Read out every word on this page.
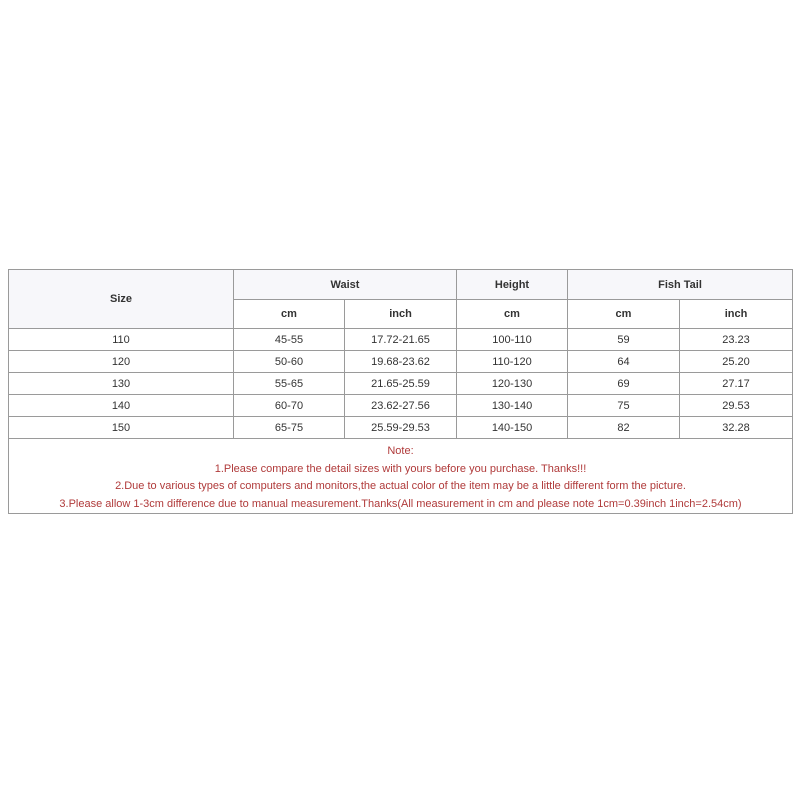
Size	Waist		Height	Fish Tail	
	cm	inch	cm	cm	inch
110	45-55	17.72-21.65	100-110	59	23.23
120	50-60	19.68-23.62	110-120	64	25.20
130	55-65	21.65-25.59	120-130	69	27.17
140	60-70	23.62-27.56	130-140	75	29.53
150	65-75	25.59-29.53	140-150	82	32.28

Note:
1.Please compare the detail sizes with yours before you purchase. Thanks!!!
2.Due to various types of computers and monitors,the actual color of the item may be a little different form the picture.
3.Please allow 1-3cm difference due to manual measurement.Thanks(All measurement in cm and please note 1cm=0.39inch 1inch=2.54cm)					
